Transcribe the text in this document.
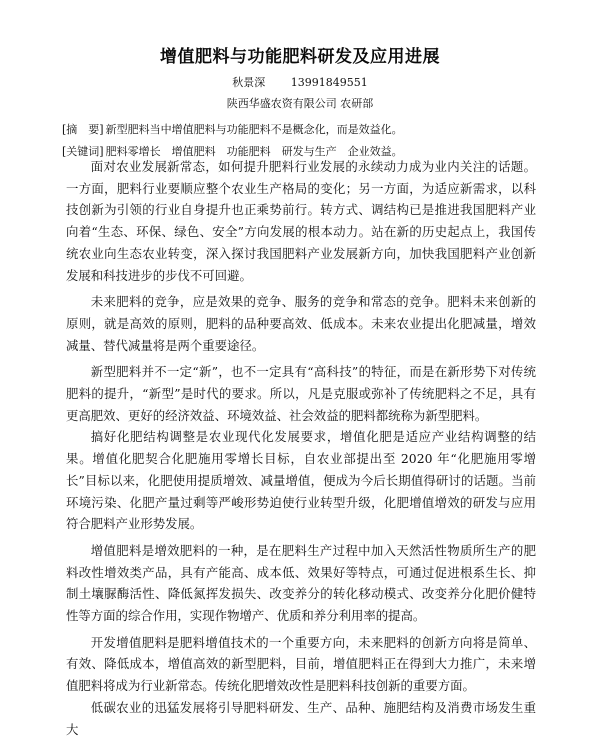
增值肥料与功能肥料研发及应用进展
秋景深 13991849551
陕西华盛农资有限公司 农研部
[摘　要] 新型肥料当中增值肥料与功能肥料不是概念化，而是效益化。
[关键词] 肥料零增长　增值肥料　功能肥料　研发与生产　企业效益。

面对农业发展新常态，如何提升肥料行业发展的永续动力成为业内关注的话题。一方面，肥料行业要顺应整个农业生产格局的变化；另一方面，为适应新需求，以科技创新为引领的行业自身提升也正乘势前行。转方式、调结构已是推进我国肥料产业向着“生态、环保、绿色、安全”方向发展的根本动力。站在新的历史起点上，我国传统农业向生态农业转变，深入探讨我国肥料产业发展新方向，加快我国肥料产业创新发展和科技进步的步伐不可回避。

未来肥料的竞争，应是效果的竞争、服务的竞争和常态的竞争。肥料未来创新的原则，就是高效的原则，肥料的品种要高效、低成本。未来农业提出化肥减量，增效减量、替代减量将是两个重要途径。

新型肥料并不一定“新”，也不一定具有“高科技”的特征，而是在新形势下对传统肥料的提升，“新型”是时代的要求。所以，凡是克服或弥补了传统肥料之不足，具有更高肥效、更好的经济效益、环境效益、社会效益的肥料都统称为新型肥料。

搞好化肥结构调整是农业现代化发展要求，增值化肥是适应产业结构调整的结果。增值化肥契合化肥施用零增长目标，自农业部提出至 2020 年“化肥施用零增长”目标以来，化肥使用提质增效、减量增值，便成为今后长期值得研讨的话题。当前环境污染、化肥产量过剩等严峻形势迫使行业转型升级，化肥增值增效的研发与应用符合肥料产业形势发展。

增值肥料是增效肥料的一种，是在肥料生产过程中加入天然活性物质所生产的肥料改性增效类产品，具有产能高、成本低、效果好等特点，可通过促进根系生长、抑制土壤脲酶活性、降低氮挥发损失、改变养分的转化移动模式、改变养分化肥价健特性等方面的综合作用，实现作物增产、优质和养分利用率的提高。

开发增值肥料是肥料增值技术的一个重要方向，未来肥料的创新方向将是简单、有效、降低成本，增值高效的新型肥料，目前，增值肥料正在得到大力推广，未来增值肥料将成为行业新常态。传统化肥增效改性是肥料科技创新的重要方面。

低碳农业的迅猛发展将引导肥料研发、生产、品种、施肥结构及消费市场发生重大
